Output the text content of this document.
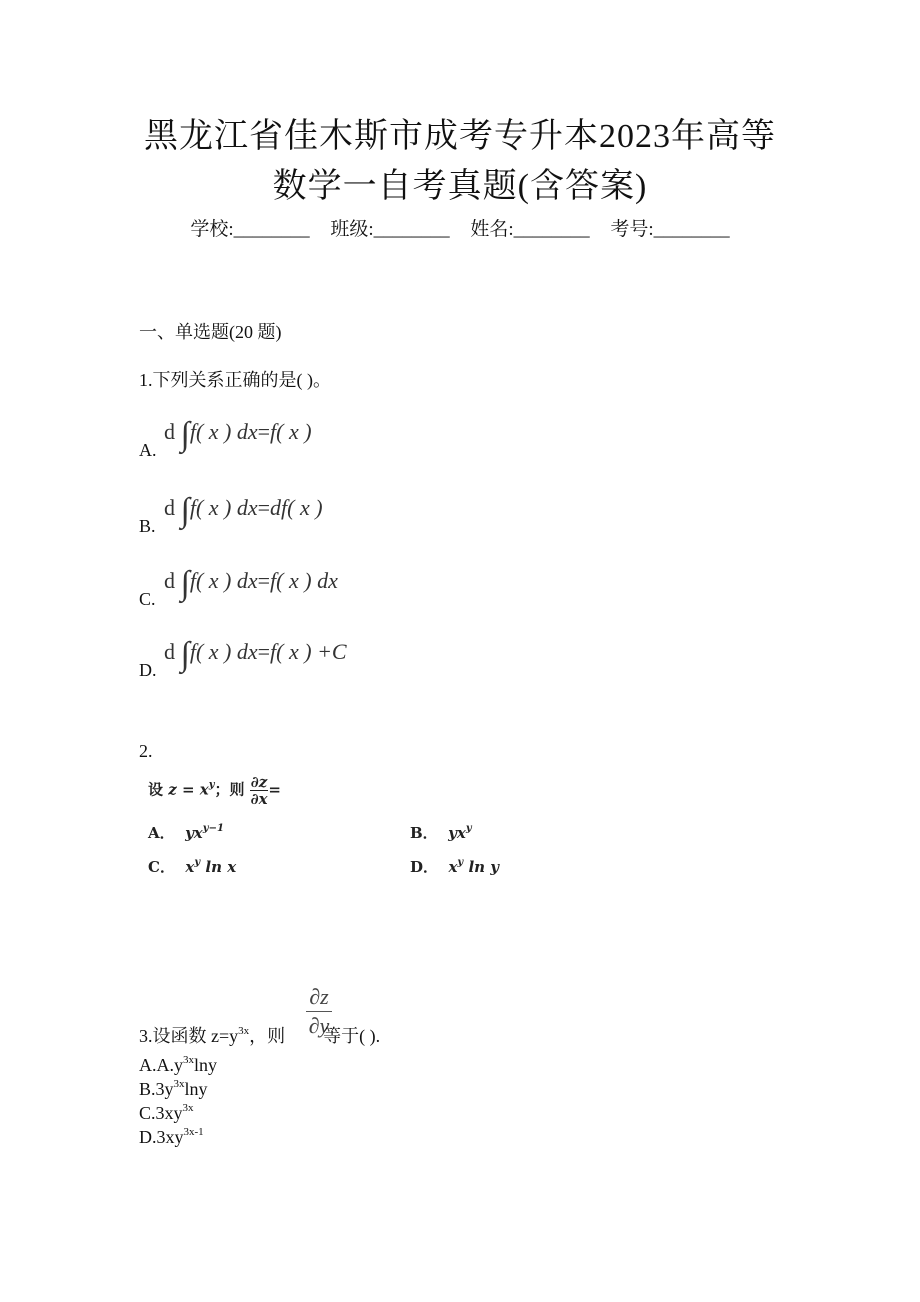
黑龙江省佳木斯市成考专升本2023年高等
数学一自考真题(含答案)
学校:________ 班级:________ 姓名:________ 考号:________
一、单选题(20 题)
1.下列关系正确的是( )。
A.
d ∫f( x ) dx=f( x )
B.
d ∫f( x ) dx=df( x )
C.
d ∫f( x ) dx=f( x ) dx
D.
d ∫f( x ) dx=f( x ) +C
2.
设 $z = x^y$；则 $\frac{\partial z}{\partial x}$ =
A． $yx^{y-1}$	B． $yx^y$
C． $x^y$ ln x	D． $x^y$ ln y
∂z
∂y
3.设函数 $z=y^{3x}$，则 等于( ).
$A.A.y^{3x}\ln y$
$B.3y^{3x}\ln y$
$C.3xy^{3x}$
$D.3xy^{3x-1}$
